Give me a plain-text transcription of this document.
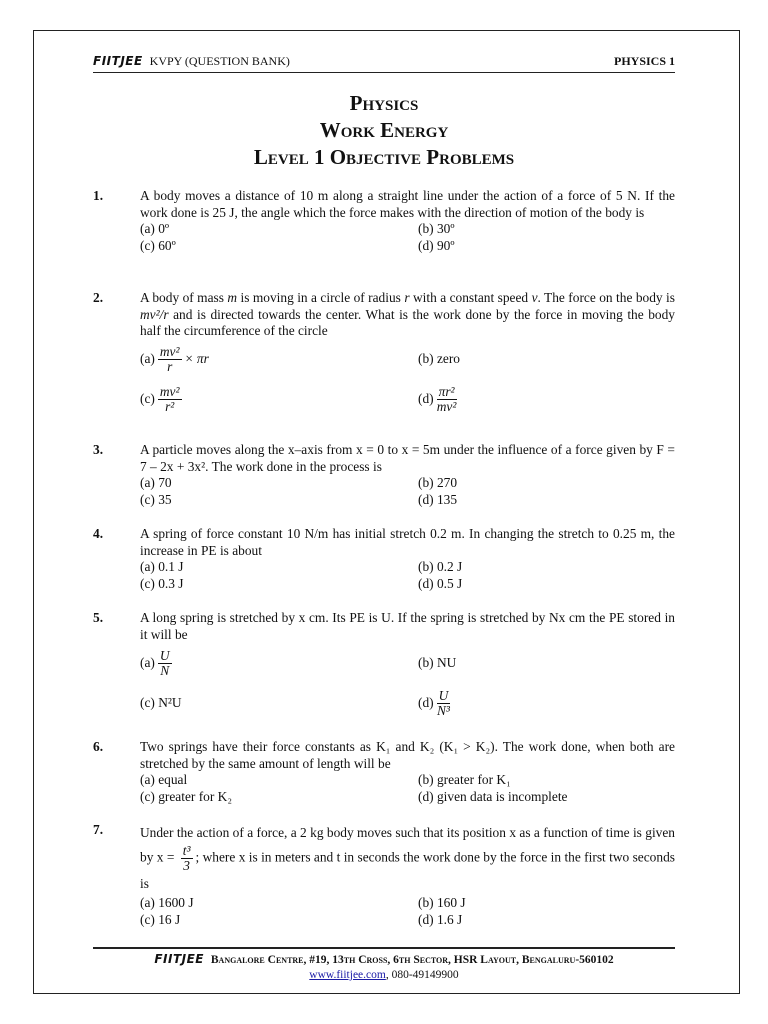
FIITJEE KVPY (QUESTION BANK)	PHYSICS 1
Physics
Work Energy
Level 1 Objective Problems
1.	A body moves a distance of 10 m along a straight line under the action of a force of 5 N. If the work done is 25 J, the angle which the force makes with the direction of motion of the body is
(a) 0º	(b) 30º
(c) 60º	(d) 90º
2.	A body of mass m is moving in a circle of radius r with a constant speed v. The force on the body is mv²/r and is directed towards the center. What is the work done by the force in moving the body half the circumference of the circle
$(a) \frac{\text{mv²}}{r} \times \pi r$	(b) zero
$(c) \frac{\text{mv²}}{\text{r²}}$	$(d) \frac{\text{πr²}}{\text{mv²}}$
3.	A particle moves along the x–axis from x = 0 to x = 5m under the influence of a force given by F = 7 – 2x + 3x². The work done in the process is
(a) 70	(b) 270
(c) 35	(d) 135
4.	A spring of force constant 10 N/m has initial stretch 0.2 m. In changing the stretch to 0.25 m, the increase in PE is about
(a) 0.1 J	(b) 0.2 J
(c) 0.3 J	(d) 0.5 J
5.	A long spring is stretched by x cm. Its PE is U. If the spring is stretched by Nx cm the PE stored in it will be
$(a) \frac{U}{N}$	(b) NU
(c) N²U	$(d) \frac{U}{\text{N³}}$
6.	Two springs have their force constants as K₁ and K₂ (K₁ > K₂). The work done, when both are stretched by the same amount of length will be
(a) equal	(b) greater for K₁
(c) greater for K₂	(d) given data is incomplete
7.	Under the action of a force, a 2 kg body moves such that its position x as a function of time is given by $x = \frac{\text{t³}}{3}$ ; where x is in meters and t in seconds the work done by the force in the first two seconds is
(a) 1600 J	(b) 160 J
(c) 16 J	(d) 1.6 J
FIITJEE Bangalore Centre, #19, 13th Cross, 6th Sector, HSR Layout, Bengaluru-560102
www.fiitjee.com, 080-49149900
